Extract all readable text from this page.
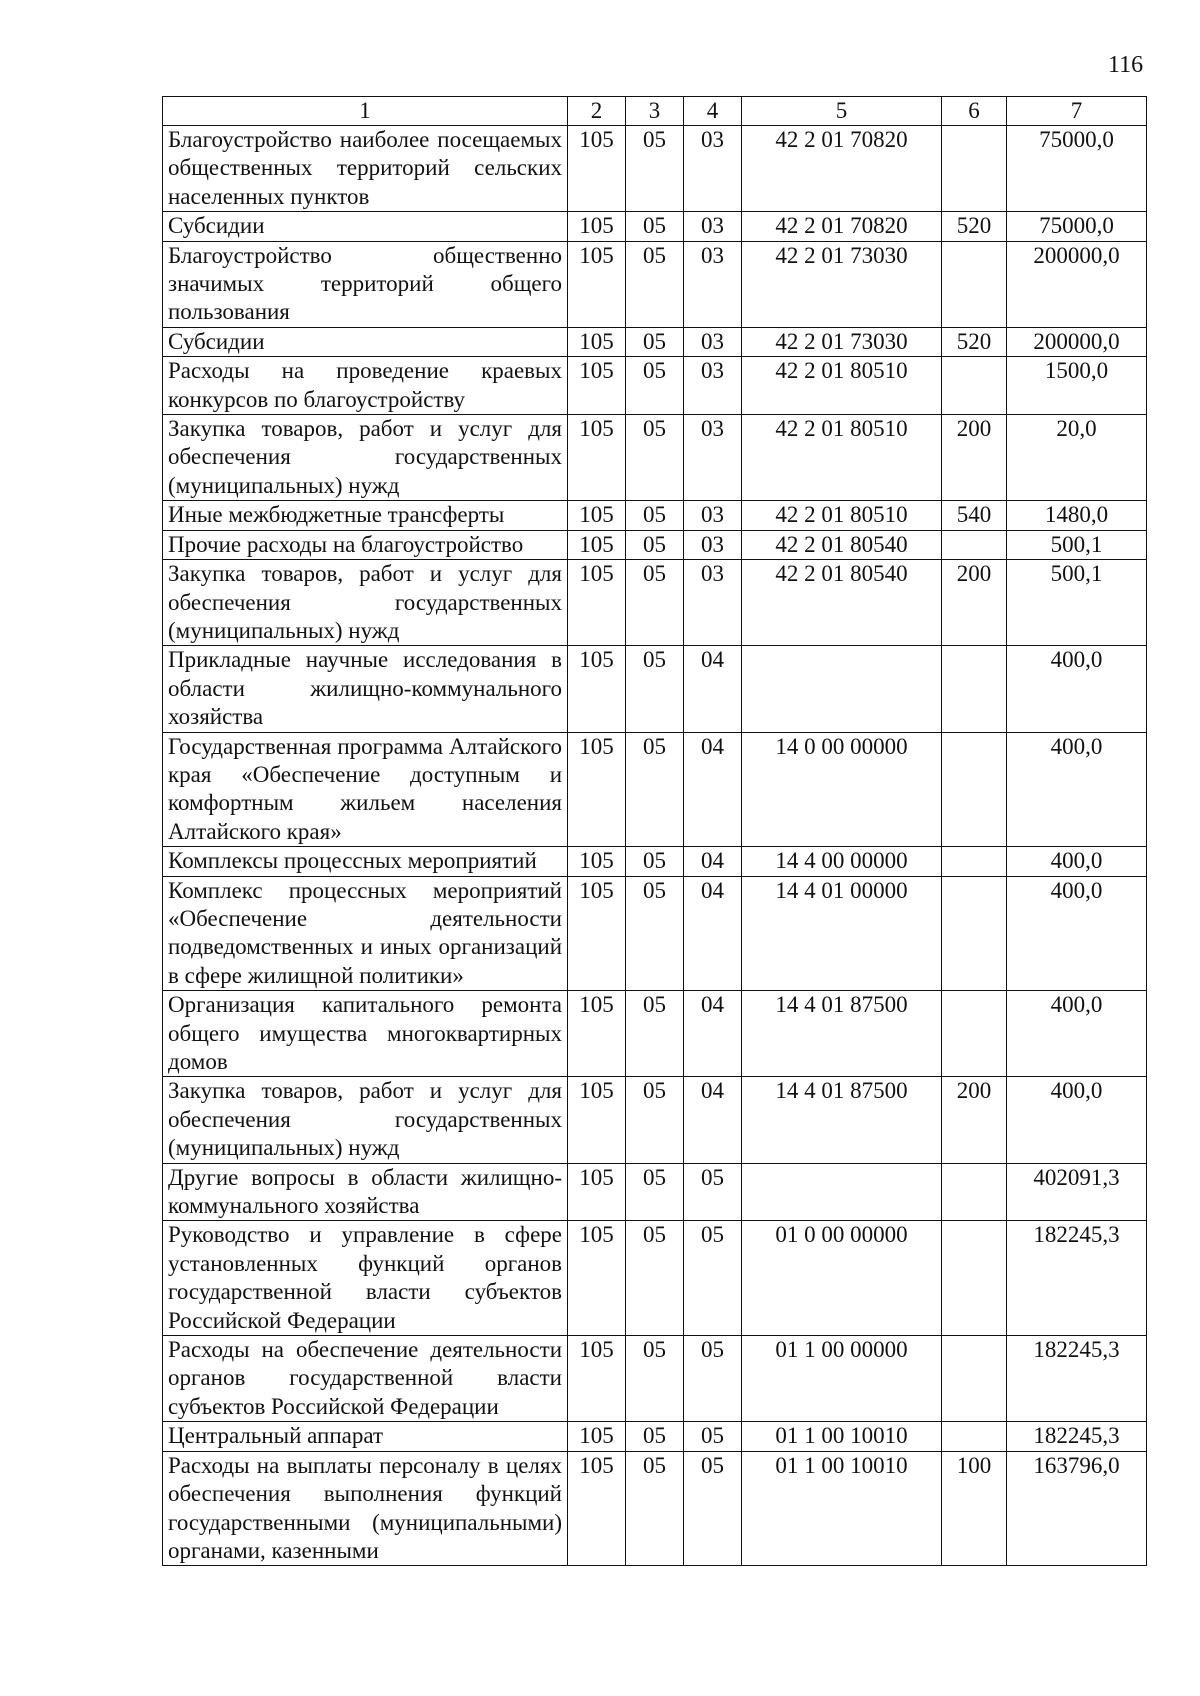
116
1	2	3	4	5	6	7
Благоустройство наиболее посещаемых общественных территорий сельских населенных пунктов	105	05	03	42 2 01 70820		75000,0
Субсидии	105	05	03	42 2 01 70820	520	75000,0
Благоустройство общественно значимых территорий общего пользования	105	05	03	42 2 01 73030		200000,0
Субсидии	105	05	03	42 2 01 73030	520	200000,0
Расходы на проведение краевых конкурсов по благоустройству	105	05	03	42 2 01 80510		1500,0
Закупка товаров, работ и услуг для обеспечения государственных (муниципальных) нужд	105	05	03	42 2 01 80510	200	20,0
Иные межбюджетные трансферты	105	05	03	42 2 01 80510	540	1480,0
Прочие расходы на благоустройство	105	05	03	42 2 01 80540		500,1
Закупка товаров, работ и услуг для обеспечения государственных (муниципальных) нужд	105	05	03	42 2 01 80540	200	500,1
Прикладные научные исследования в области жилищно-коммунального хозяйства	105	05	04			400,0
Государственная программа Алтайского края «Обеспечение доступным и комфортным жильем населения Алтайского края»	105	05	04	14 0 00 00000		400,0
Комплексы процессных мероприятий	105	05	04	14 4 00 00000		400,0
Комплекс процессных мероприятий «Обеспечение деятельности подведомственных и иных организаций в сфере жилищной политики»	105	05	04	14 4 01 00000		400,0
Организация капитального ремонта общего имущества многоквартирных домов	105	05	04	14 4 01 87500		400,0
Закупка товаров, работ и услуг для обеспечения государственных (муниципальных) нужд	105	05	04	14 4 01 87500	200	400,0
Другие вопросы в области жилищно-коммунального хозяйства	105	05	05			402091,3
Руководство и управление в сфере установленных функций органов государственной власти субъектов Российской Федерации	105	05	05	01 0 00 00000		182245,3
Расходы на обеспечение деятельности органов государственной власти субъектов Российской Федерации	105	05	05	01 1 00 00000		182245,3
Центральный аппарат	105	05	05	01 1 00 10010		182245,3
Расходы на выплаты персоналу в целях обеспечения выполнения функций государственными (муниципальными) органами, казенными	105	05	05	01 1 00 10010	100	163796,0
